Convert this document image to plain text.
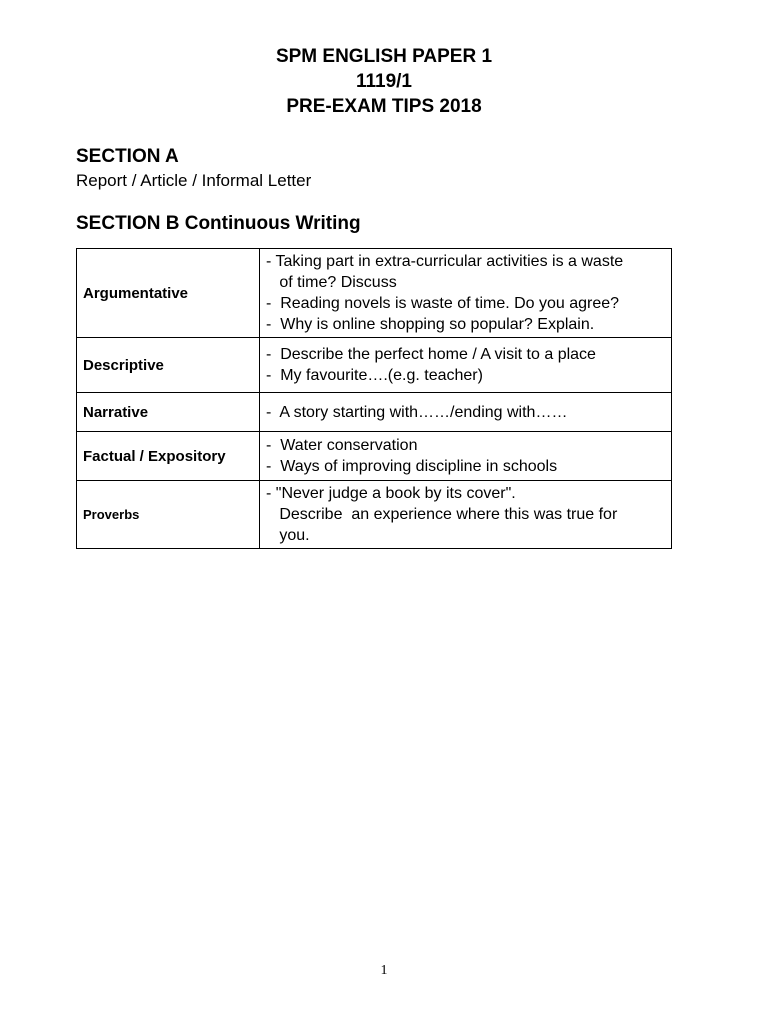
SPM ENGLISH PAPER 1
1119/1
PRE-EXAM TIPS 2018
SECTION A
Report / Article / Informal Letter
SECTION B Continuous Writing
Argumentative	- Taking part in extra-curricular activities is a waste
of time? Discuss
-  Reading novels is waste of time. Do you agree?
-  Why is online shopping so popular? Explain.

Descriptive	-  Describe the perfect home / A visit to a place
-  My favourite….(e.g. teacher)

Narrative	-  A story starting with……/ending with……

Factual / Expository	-  Water conservation
-  Ways of improving discipline in schools

Proverbs	- "Never judge a book by its cover".
Describe  an experience where this was true for
you.
1
